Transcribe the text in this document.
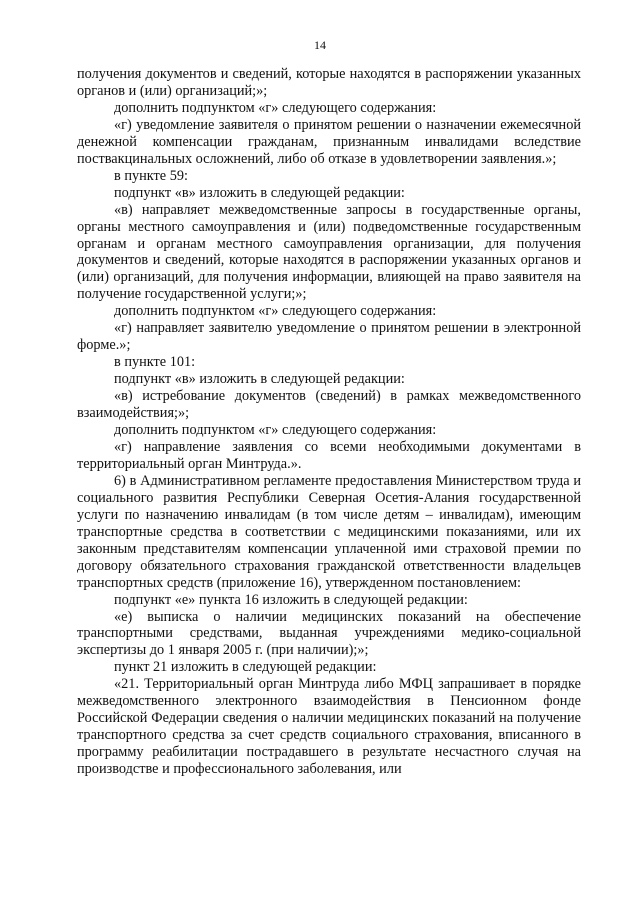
14

получения документов и сведений, которые находятся в распоряжении указанных органов и (или) организаций;»;

дополнить подпунктом «г» следующего содержания:

«г) уведомление заявителя о принятом решении о назначении ежемесячной денежной компенсации гражданам, признанным инвалидами вследствие поствакцинальных осложнений, либо об отказе в удовлетворении заявления.»;

в пункте 59:

подпункт «в» изложить в следующей редакции:

«в) направляет межведомственные запросы в государственные органы, органы местного самоуправления и (или) подведомственные государственным органам и органам местного самоуправления организации, для получения документов и сведений, которые находятся в распоряжении указанных органов и (или) организаций, для получения информации, влияющей на право заявителя на получение государственной услуги;»;

дополнить подпунктом «г» следующего содержания:

«г) направляет заявителю уведомление о принятом решении в электронной форме.»;

в пункте 101:

подпункт «в» изложить в следующей редакции:

«в) истребование документов (сведений) в рамках межведомственного взаимодействия;»;

дополнить подпунктом «г» следующего содержания:

«г) направление заявления со всеми необходимыми документами в территориальный орган Минтруда.».

6) в Административном регламенте предоставления Министерством труда и социального развития Республики Северная Осетия-Алания государственной услуги по назначению инвалидам (в том числе детям – инвалидам), имеющим транспортные средства в соответствии с медицинскими показаниями, или их законным представителям компенсации уплаченной ими страховой премии по договору обязательного страхования гражданской ответственности владельцев транспортных средств (приложение 16), утвержденном постановлением:

подпункт «е» пункта 16 изложить в следующей редакции:

«е) выписка о наличии медицинских показаний на обеспечение транспортными средствами, выданная учреждениями медико-социальной экспертизы до 1 января 2005 г. (при наличии);»;

пункт 21 изложить в следующей редакции:

«21. Территориальный орган Минтруда либо МФЦ запрашивает в порядке межведомственного электронного взаимодействия в Пенсионном фонде Российской Федерации сведения о наличии медицинских показаний на получение транспортного средства за счет средств социального страхования, вписанного в программу реабилитации пострадавшего в результате несчастного случая на производстве и профессионального заболевания, или
